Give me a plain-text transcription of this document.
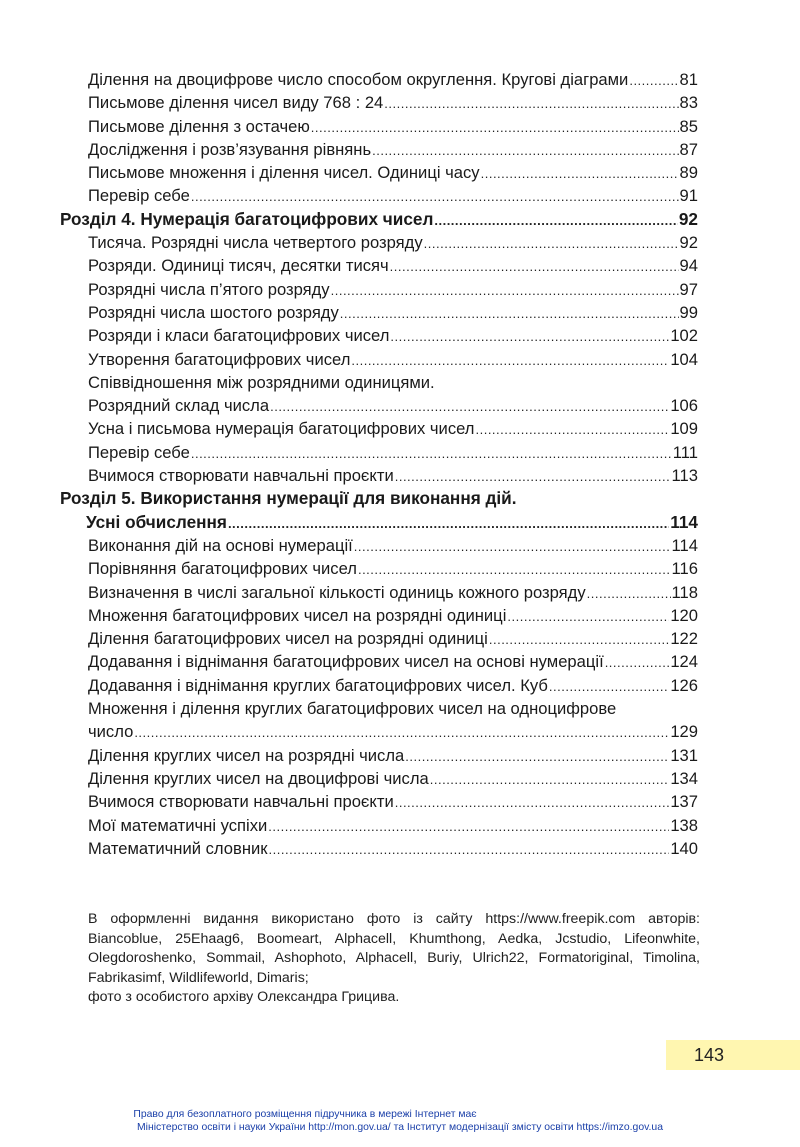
Ділення на двоцифрове число способом округлення. Кругові діаграми .....	81
Письмове ділення чисел виду 768 : 24 .....	83
Письмове ділення з остачею .....	85
Дослідження і розв’язування рівнянь .....	87
Письмове множення і ділення чисел. Одиниці часу .....	89
Перевір себе .....	91
Розділ 4. Нумерація багатоцифрових чисел .....	92
Тисяча. Розрядні числа четвертого розряду .....	92
Розряди. Одиниці тисяч, десятки тисяч .....	94
Розрядні числа п’ятого розряду .....	97
Розрядні числа шостого розряду .....	99
Розряди і класи багатоцифрових чисел .....	102
Утворення багатоцифрових чисел .....	104
Співвідношення між розрядними одиницями.
Розрядний склад числа .....	106
Усна і письмова нумерація багатоцифрових чисел .....	109
Перевір себе .....	111
Вчимося створювати навчальні проєкти .....	113
Розділ 5. Використання нумерації для виконання дій.
Усні обчислення .....	114
Виконання дій на основі нумерації .....	114
Порівняння багатоцифрових чисел .....	116
Визначення в числі загальної кількості одиниць кожного розряду .....	118
Множення багатоцифрових чисел на розрядні одиниці .....	120
Ділення багатоцифрових чисел на розрядні одиниці .....	122
Додавання і віднімання багатоцифрових чисел на основі нумерації .....	124
Додавання і віднімання круглих багатоцифрових чисел. Куб .....	126
Множення і ділення круглих багатоцифрових чисел на одноцифрове
число .....	129
Ділення круглих чисел на розрядні числа .....	131
Ділення круглих чисел на двоцифрові числа .....	134
Вчимося створювати навчальні проєкти .....	137
Мої математичні успіхи .....	138
Математичний словник .....	140

В оформленні видання використано фото із сайту https://www.freepik.com авторів: Biancoblue, 25Ehaag6, Boomeart, Alphacell, Khumthong, Aedka, Jcstudio, Lifeonwhite, Olegdoroshenko, Sommail, Ashophoto, Alphacell, Buriy, Ulrich22, Formatoriginal, Timolina, Fabrikasimf, Wildlifeworld, Dimaris;

фото з особистого архіву Олександра Грицива.

143
Право для безоплатного розміщення підручника в мережі Інтернет має
Міністерство освіти і науки України http://mon.gov.ua/ та Інститут модернізації змісту освіти https://imzo.gov.ua
